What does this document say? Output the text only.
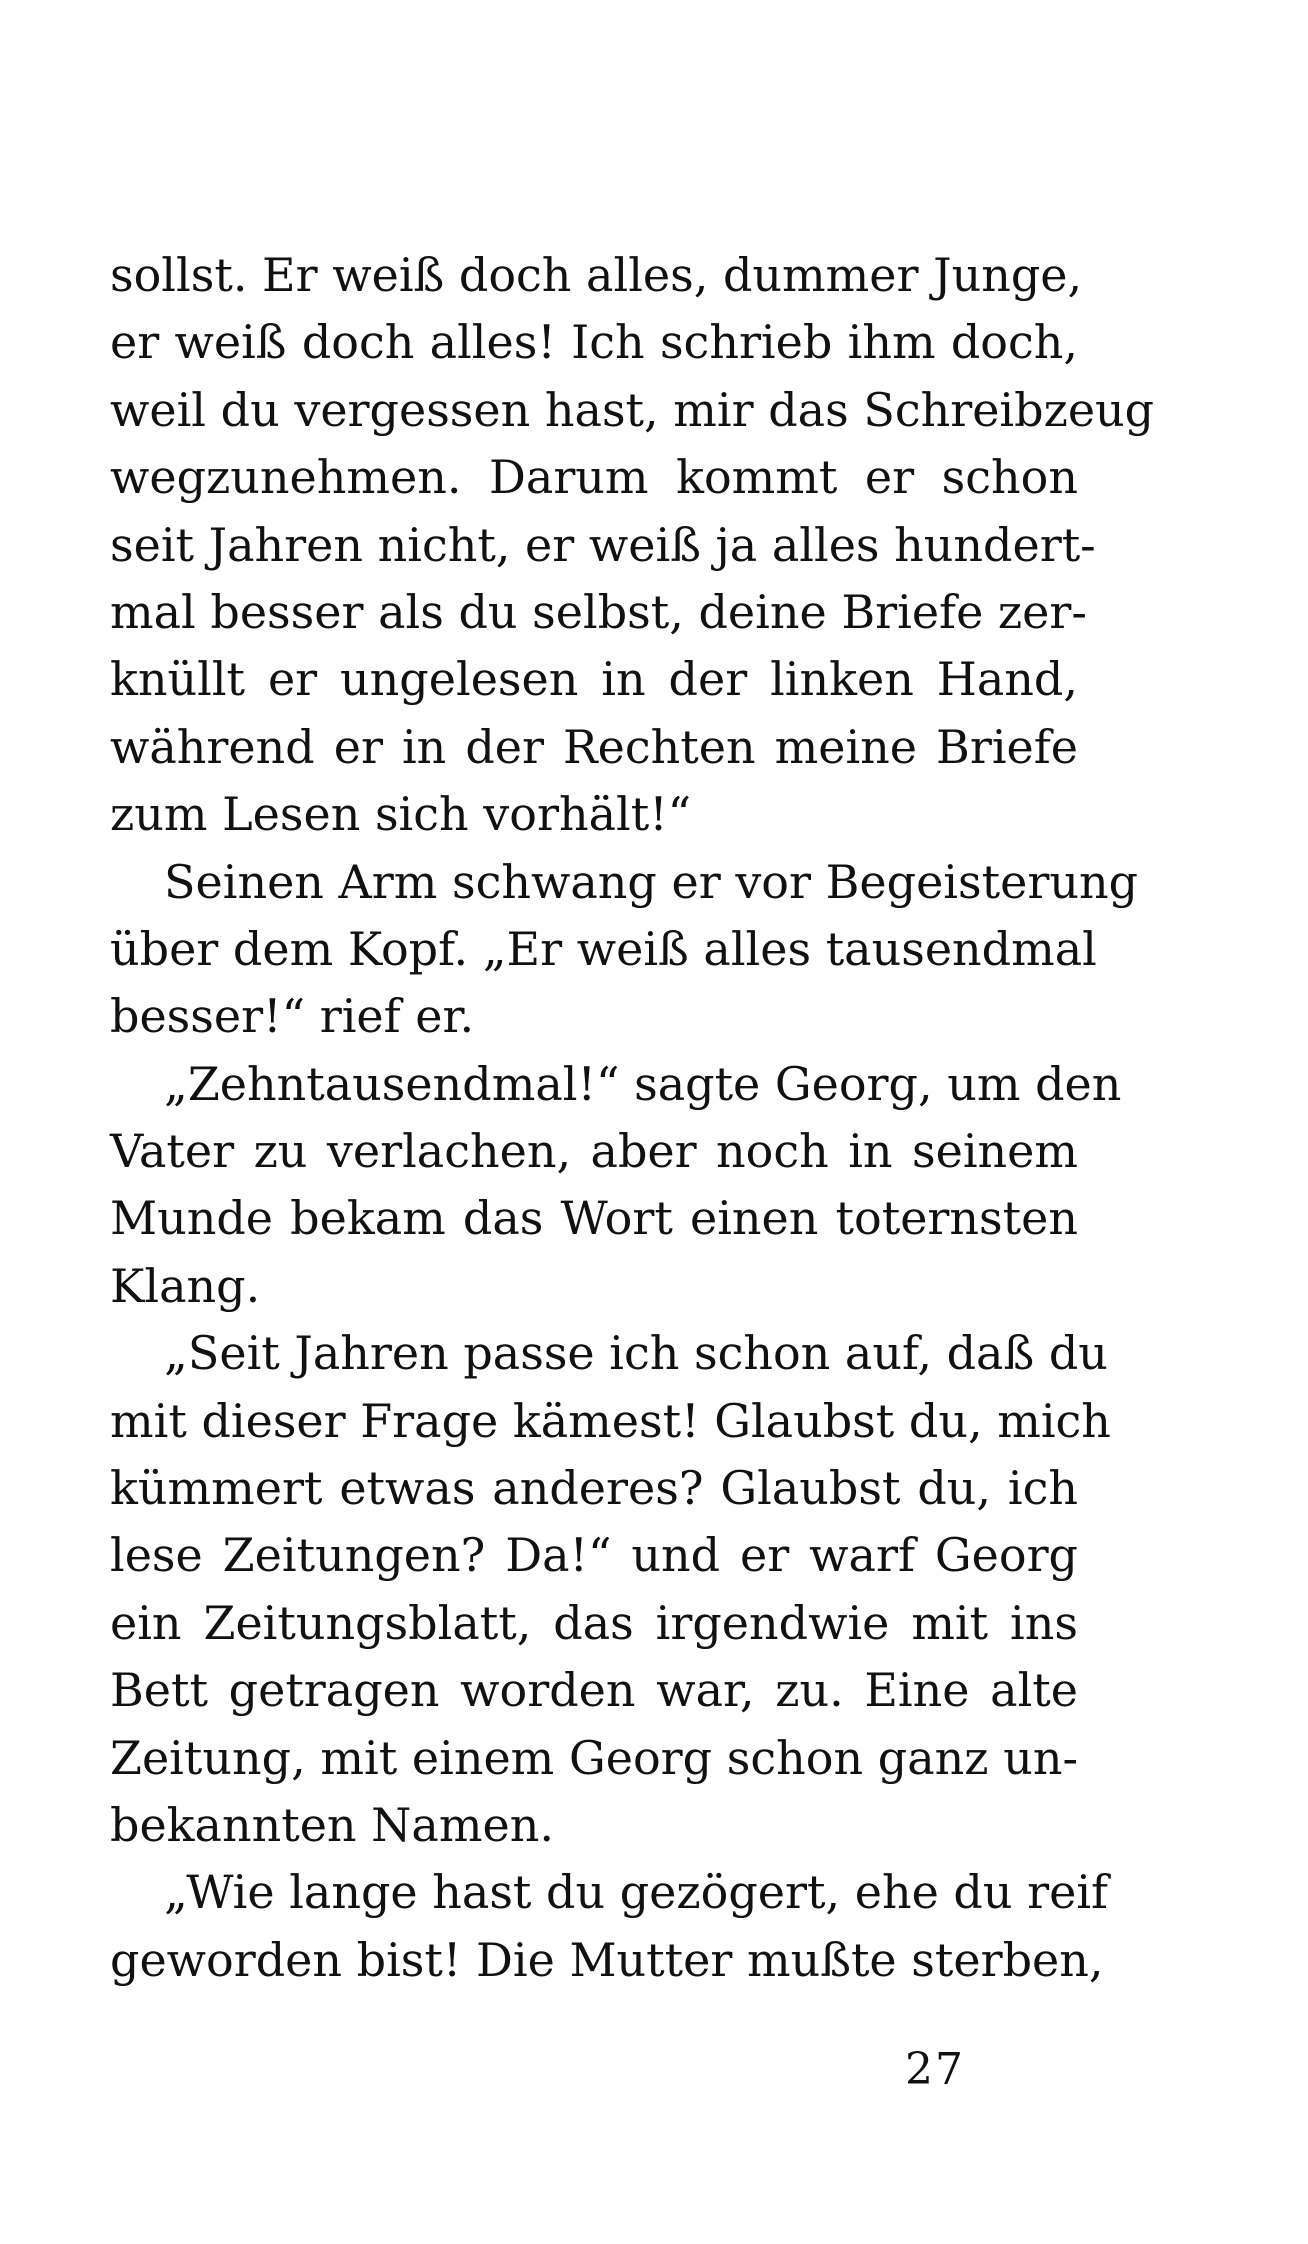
sollst. Er weiß doch alles, dummer Junge,
er weiß doch alles! Ich schrieb ihm doch,
weil du vergessen hast, mir das Schreibzeug
wegzunehmen. Darum kommt er schon
seit Jahren nicht, er weiß ja alles hundert-
mal besser als du selbst, deine Briefe zer-
knüllt er ungelesen in der linken Hand,
während er in der Rechten meine Briefe
zum Lesen sich vorhält!“
Seinen Arm schwang er vor Begeisterung
über dem Kopf. „Er weiß alles tausendmal
besser!“ rief er.
„Zehntausendmal!“ sagte Georg, um den
Vater zu verlachen, aber noch in seinem
Munde bekam das Wort einen toternsten
Klang.
„Seit Jahren passe ich schon auf, daß du
mit dieser Frage kämest! Glaubst du, mich
kümmert etwas anderes? Glaubst du, ich
lese Zeitungen? Da!“ und er warf Georg
ein Zeitungsblatt, das irgendwie mit ins
Bett getragen worden war, zu. Eine alte
Zeitung, mit einem Georg schon ganz un-
bekannten Namen.
„Wie lange hast du gezögert, ehe du reif
geworden bist! Die Mutter mußte sterben,
27
